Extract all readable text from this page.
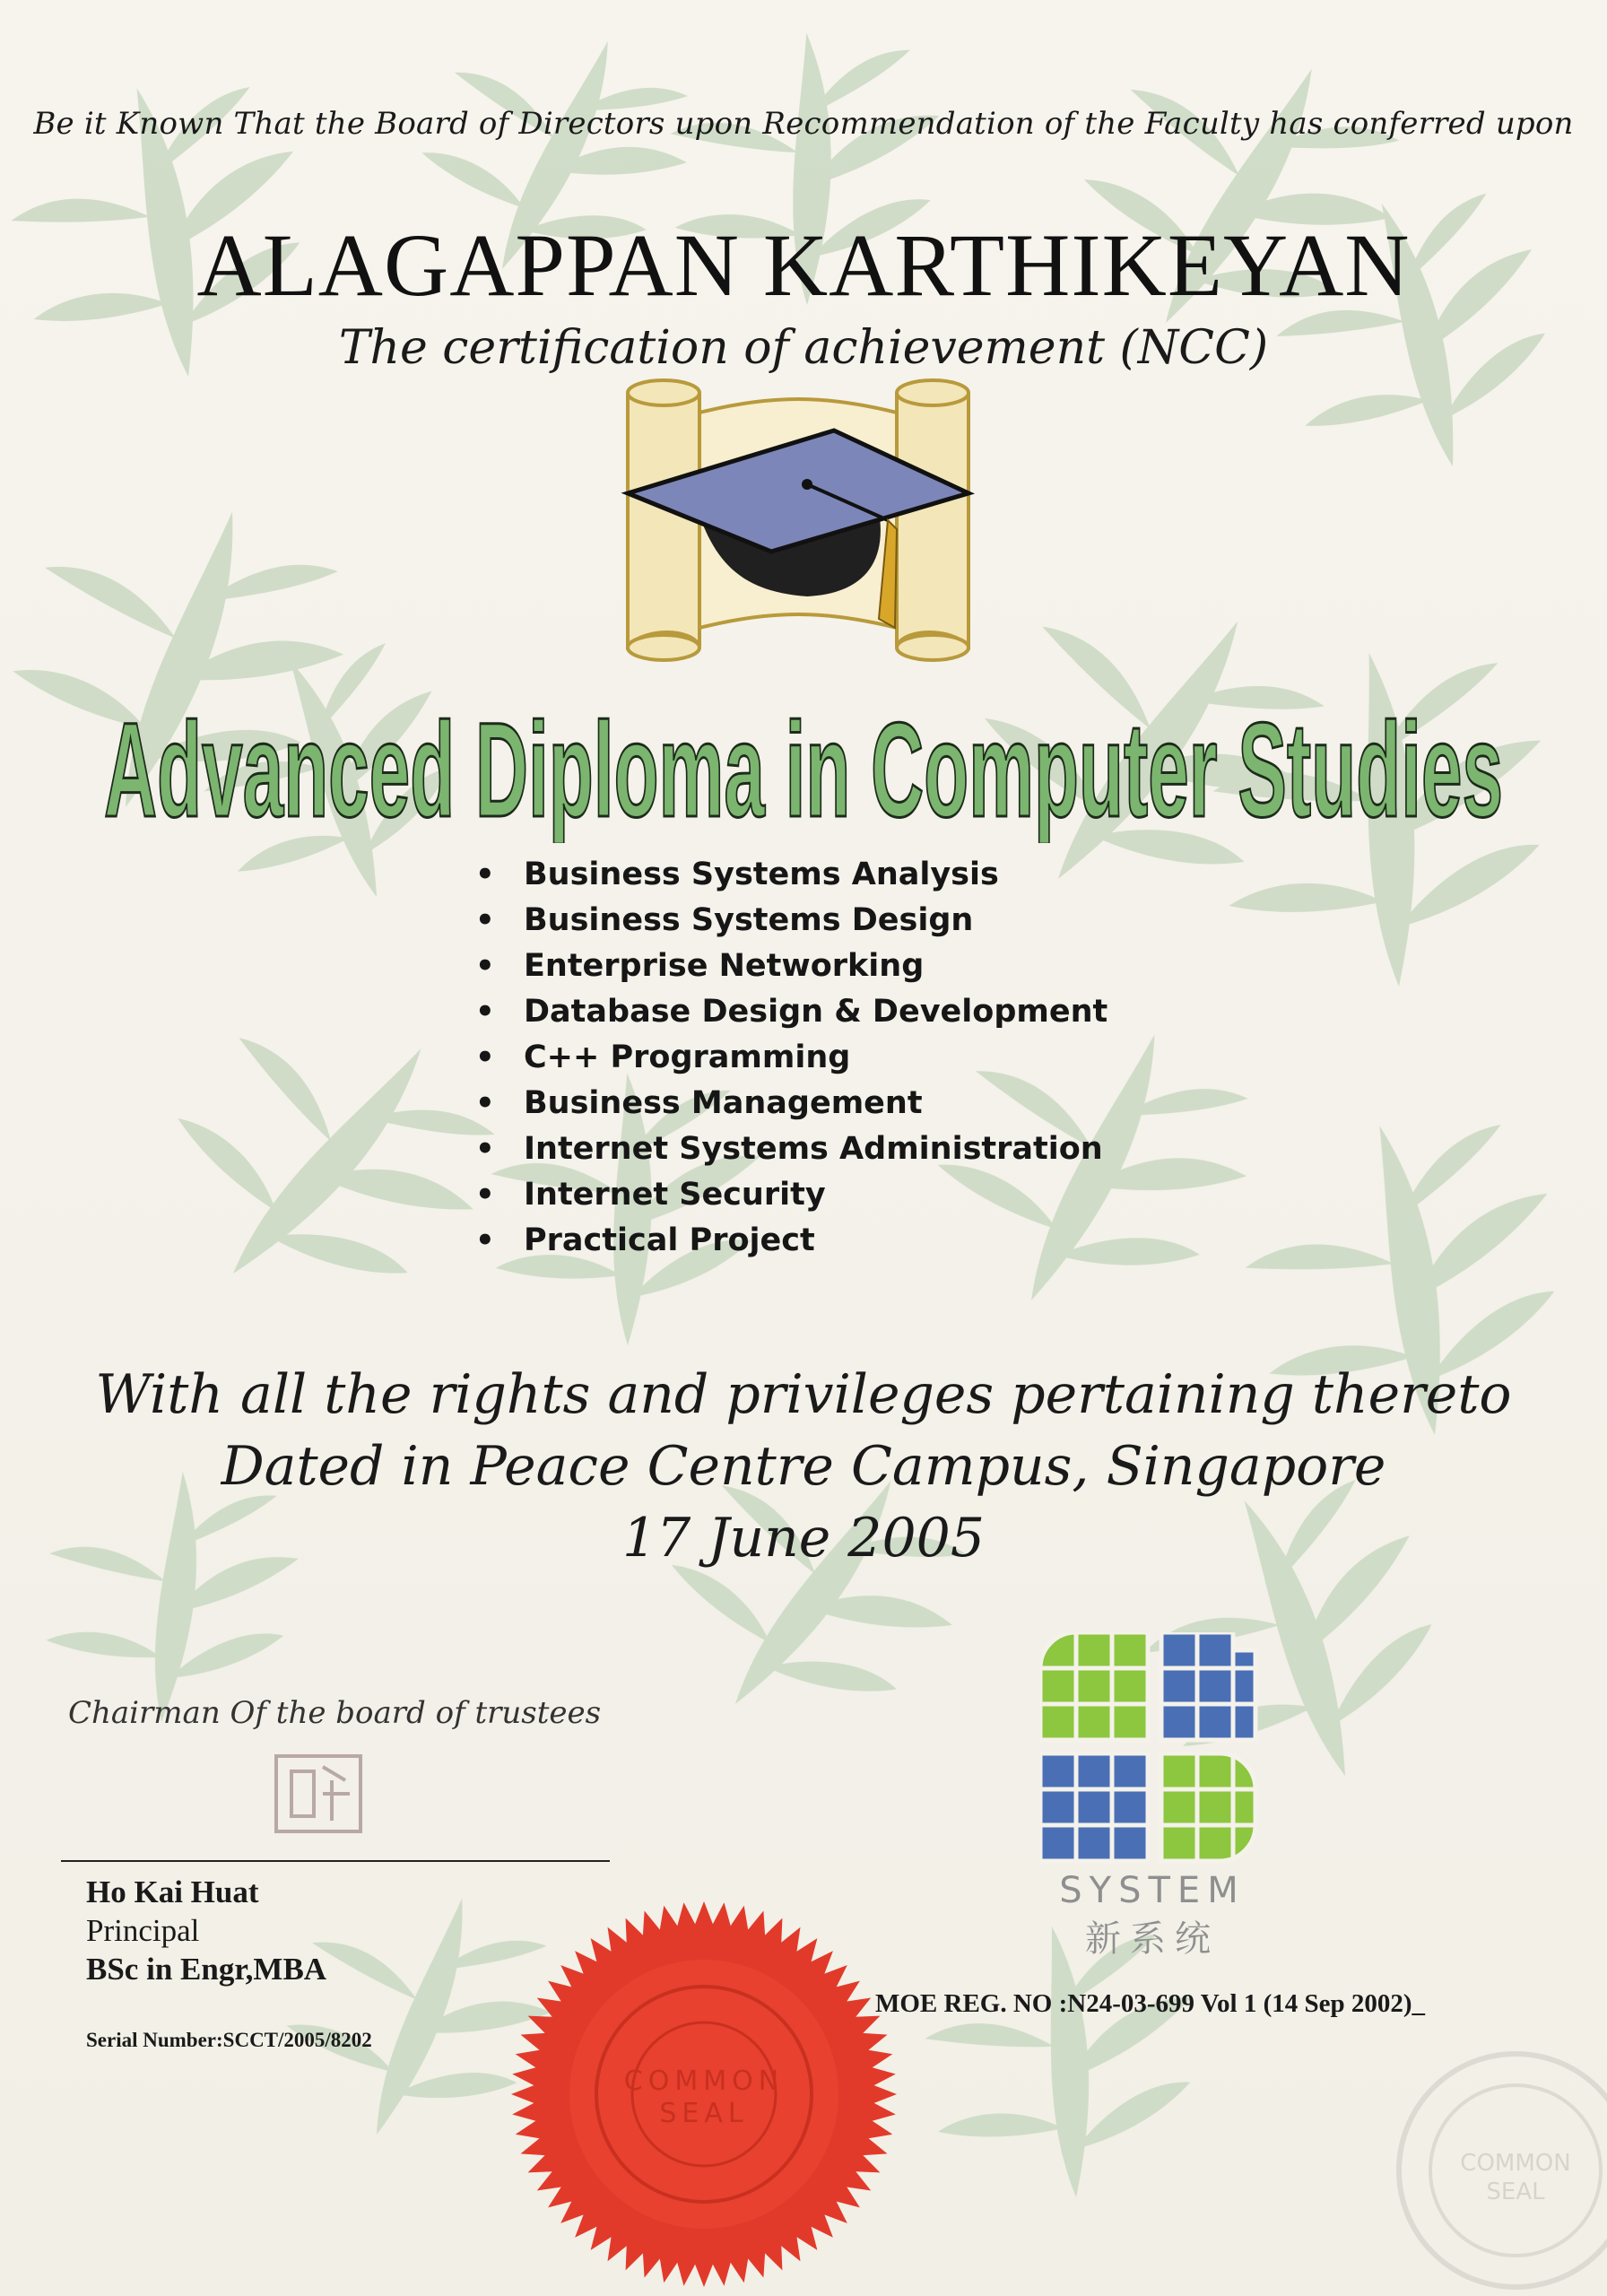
Be it Known That the Board of Directors upon Recommendation of the Faculty has conferred upon
ALAGAPPAN KARTHIKEYAN
The certification of achievement (NCC)
Advanced Diploma in Computer Studies
• Business Systems Analysis
• Business Systems Design
• Enterprise Networking
• Database Design & Development
• C++ Programming
• Business Management
• Internet Systems Administration
• Internet Security
• Practical Project
With all the rights and privileges pertaining thereto
Dated in Peace Centre Campus, Singapore
17 June 2005
Chairman Of the board of trustees
Ho Kai Huat
Principal
BSc in Engr,MBA
Serial Number:SCCT/2005/8202
SYSTEM
新系统
MOE REG. NO :N24-03-699 Vol 1 (14 Sep 2002)_
COMMON
SEAL
COMMON
SEAL
